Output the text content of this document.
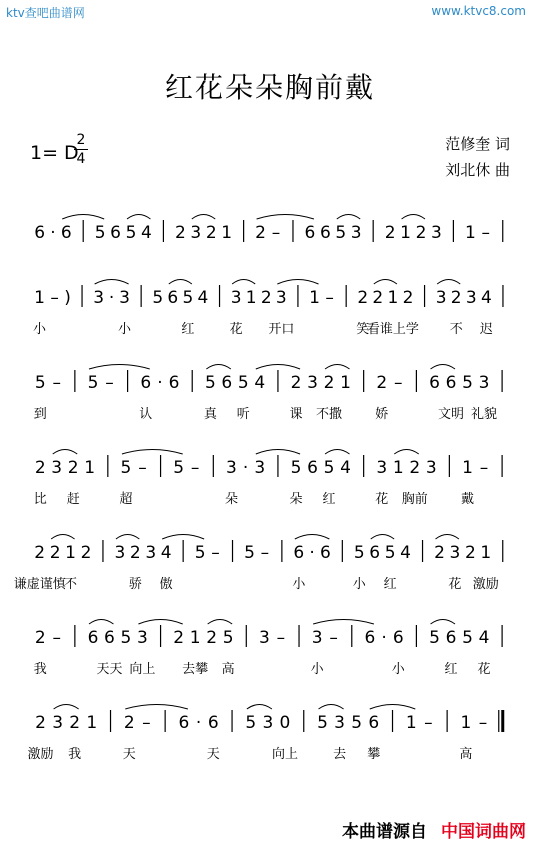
ktv查吧曲谱网	www.ktvc8.com
红花朵朵胸前戴
1= D
2
4
范修奎 词
刘北休 曲
6 · 6 5 6 5 4 2 3 2 1 2 – 6 6 5 3 2 1 2 3 1 –
1 – ) 3 · 3 5 6 5 4 3 1 2 3 1 – 2 2 1 2 3 2 3 4
小	小	红	花 开口	笑
看谁上学 不 迟
5 – 5 – 6 · 6 5 6 5 4 2 3 2 1 2 – 6 6 5 3
到	认	真 听	课 不撒	娇	文明 礼貌
2 3 2 1 5 – 5 – 3 · 3 5 6 5 4 3 1 2 3 1 –
比 赶	超	朵	朵 红	花 胸前	戴
2 2 1 2 3 2 3 4 5 – 5 – 6 · 6 5 6 5 4 2 3 2 1
谦虚谨慎
不	骄 傲	小	小 红	花 激励
2 – 6 6 5 3 2 1 2 5 3 – 3 – 6 · 6 5 6 5 4
我	天天 向上 去攀 高	小	小	红 花
2 3 2 1 2 – 6 · 6 5 3 0 5 3 5 6 1 – 1 –
激励 我	天	天	向上	去 攀	高
本曲谱源自 中国词曲网
